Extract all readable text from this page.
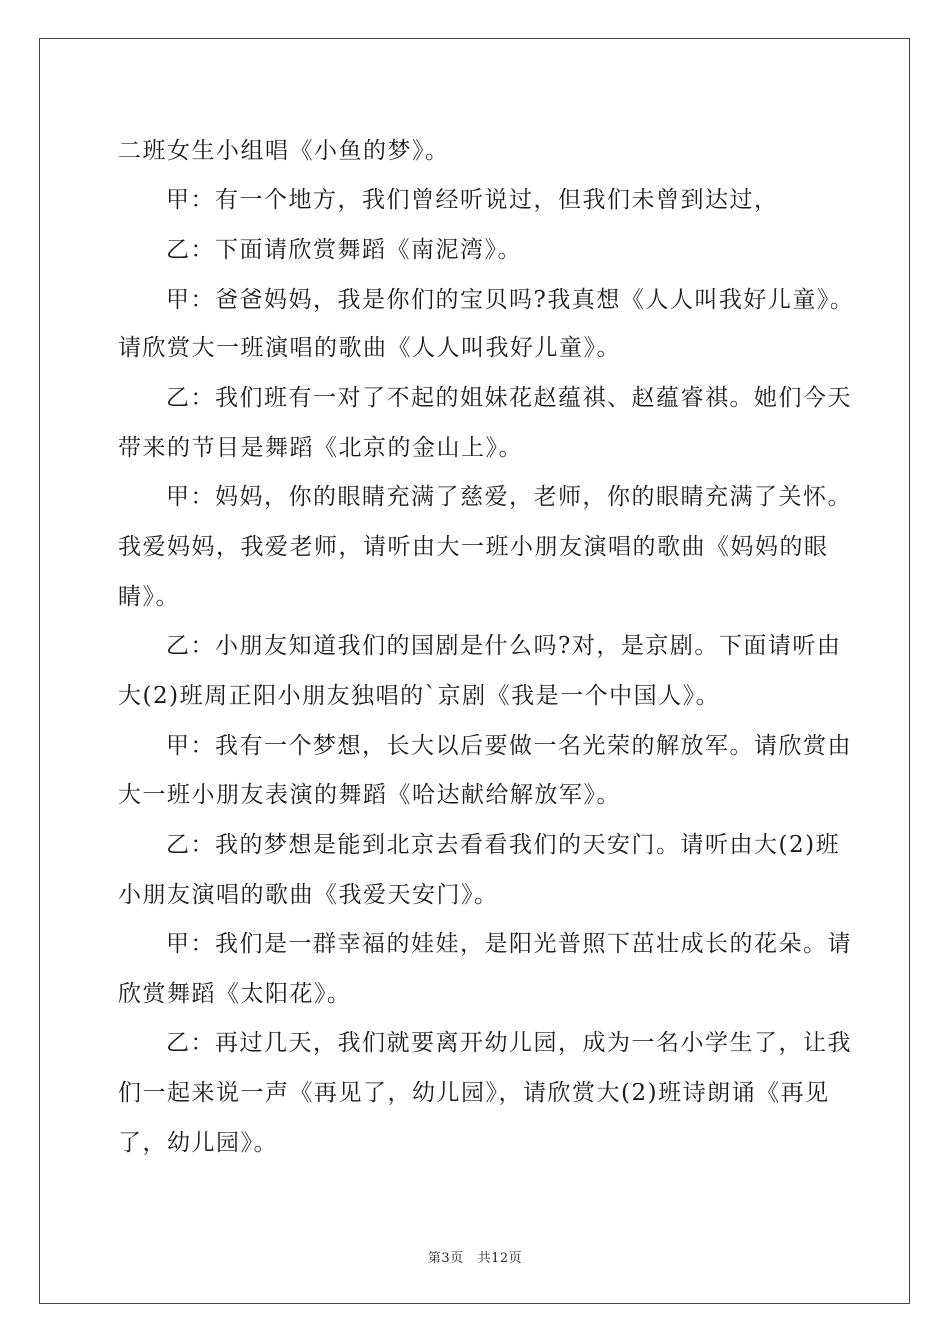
二班女生小组唱《小鱼的梦》。
甲：有一个地方，我们曾经听说过，但我们未曾到达过，
乙：下面请欣赏舞蹈《南泥湾》。
甲：爸爸妈妈，我是你们的宝贝吗?我真想《人人叫我好儿童》。
请欣赏大一班演唱的歌曲《人人叫我好儿童》。
乙：我们班有一对了不起的姐妹花赵蕴祺、赵蕴睿祺。她们今天
带来的节目是舞蹈《北京的金山上》。
甲：妈妈，你的眼睛充满了慈爱，老师，你的眼睛充满了关怀。
我爱妈妈，我爱老师，请听由大一班小朋友演唱的歌曲《妈妈的眼
睛》。
乙：小朋友知道我们的国剧是什么吗?对，是京剧。下面请听由
大(2)班周正阳小朋友独唱的`京剧《我是一个中国人》。
甲：我有一个梦想，长大以后要做一名光荣的解放军。请欣赏由
大一班小朋友表演的舞蹈《哈达献给解放军》。
乙：我的梦想是能到北京去看看我们的天安门。请听由大(2)班
小朋友演唱的歌曲《我爱天安门》。
甲：我们是一群幸福的娃娃，是阳光普照下茁壮成长的花朵。请
欣赏舞蹈《太阳花》。
乙：再过几天，我们就要离开幼儿园，成为一名小学生了，让我
们一起来说一声《再见了，幼儿园》，请欣赏大(2)班诗朗诵《再见
了，幼儿园》。
第3页 共12页
